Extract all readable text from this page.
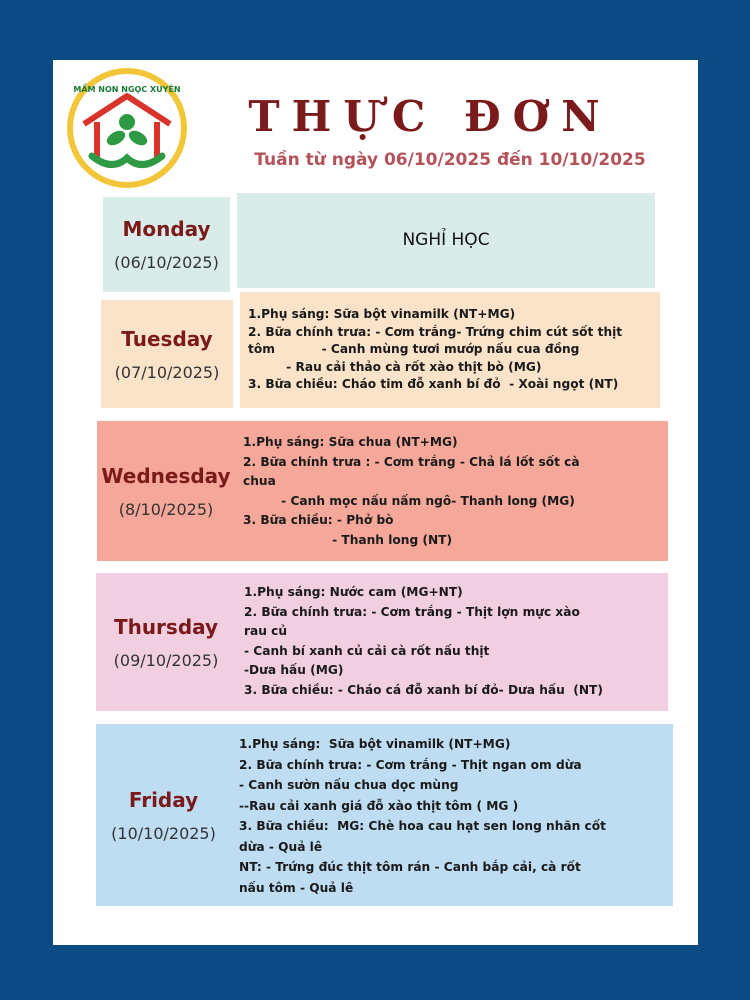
MẦM NON NGỌC XUYÊN
THỰC ĐƠN
Tuần từ ngày 06/10/2025 đến 10/10/2025
Monday
(06/10/2025)
NGHỈ HỌC
Tuesday
(07/10/2025)
1.Phụ sáng: Sữa bột vinamilk (NT+MG)
2. Bữa chính trưa: - Cơm trắng- Trứng chim cút sốt thịt
tôm           - Canh mùng tươi mướp nấu cua đồng
- Rau cải thảo cà rốt xào thịt bò (MG)
3. Bữa chiều: Cháo tim đỗ xanh bí đỏ  - Xoài ngọt (NT)
Wednesday
(8/10/2025)
1.Phụ sáng: Sữa chua (NT+MG)
2. Bữa chính trưa : - Cơm trắng - Chả lá lốt sốt cà
chua
- Canh mọc nấu nấm ngô- Thanh long (MG)
3. Bữa chiều: - Phở bò
- Thanh long (NT)
Thursday
(09/10/2025)
1.Phụ sáng: Nước cam (MG+NT)
2. Bữa chính trưa: - Cơm trắng - Thịt lợn mực xào
rau củ
- Canh bí xanh củ cải cà rốt nấu thịt
-Dưa hấu (MG)
3. Bữa chiều: - Cháo cá đỗ xanh bí đỏ- Dưa hấu  (NT)
Friday
(10/10/2025)
1.Phụ sáng:  Sữa bột vinamilk (NT+MG)
2. Bữa chính trưa: - Cơm trắng - Thịt ngan om dừa
- Canh sườn nấu chua dọc mùng
--Rau cải xanh giá đỗ xào thịt tôm ( MG )
3. Bữa chiều:  MG: Chè hoa cau hạt sen long nhãn cốt
dừa - Quả lê
NT: - Trứng đúc thịt tôm rán - Canh bắp cải, cà rốt
nấu tôm - Quả lê
